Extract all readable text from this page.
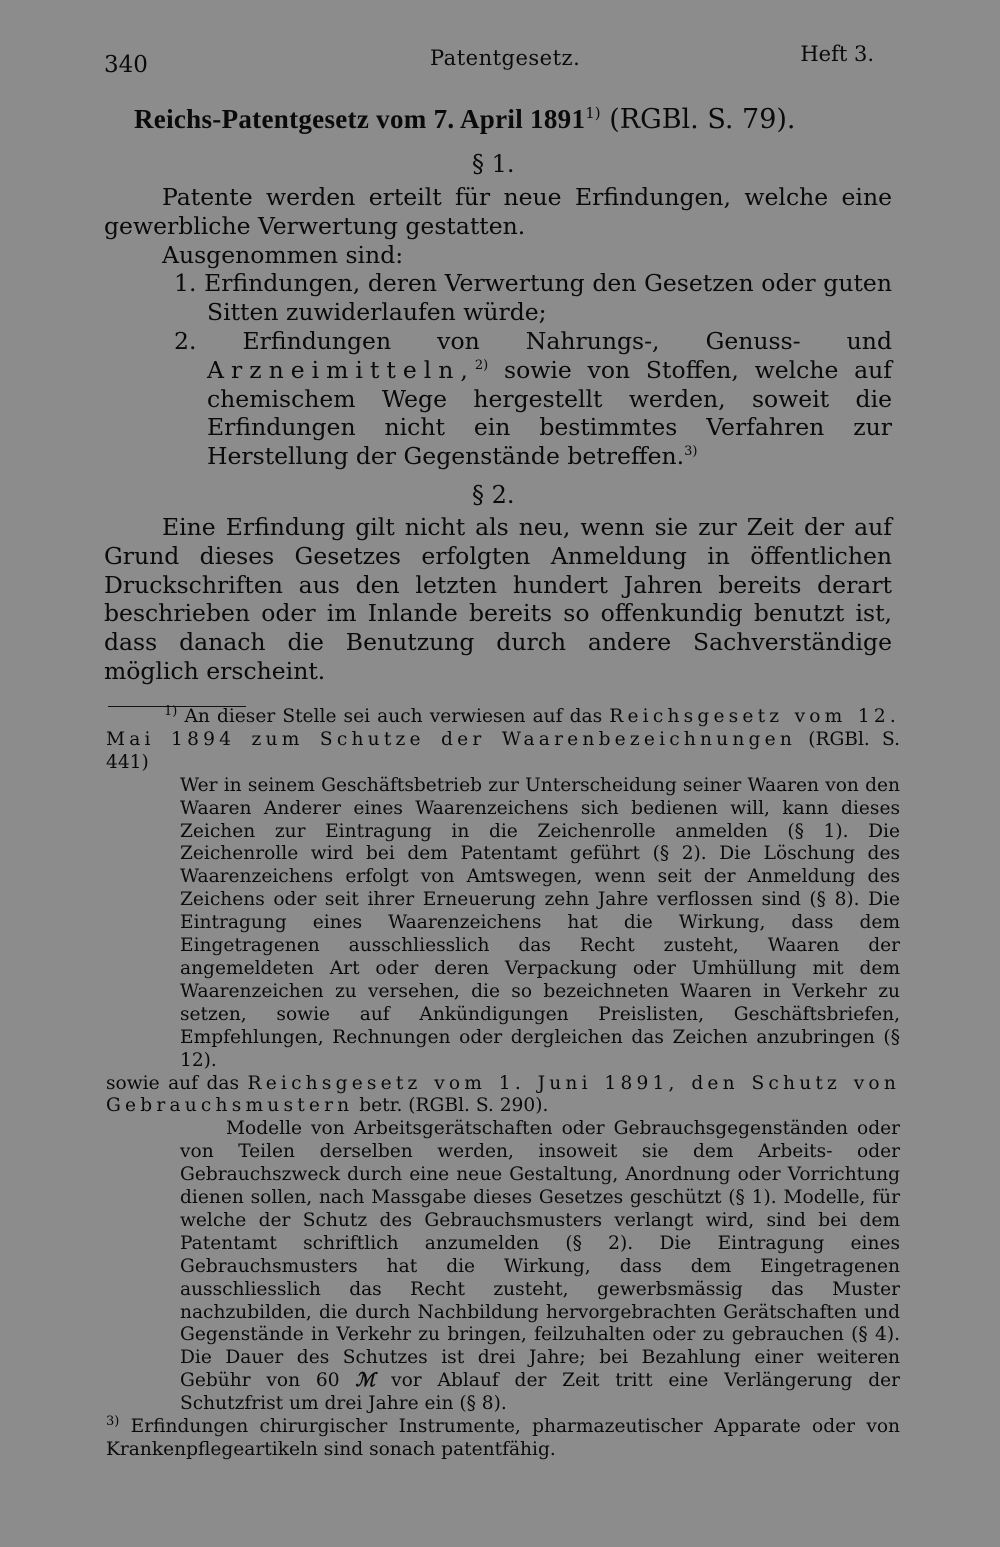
340	Patentgesetz.	Heft 3.
Reichs-Patentgesetz vom 7. April 1891$^{1)}$ (RGBl. S. 79).
§ 1.

Patente werden erteilt für neue Erfindungen, welche eine gewerbliche Verwertung gestatten.

Ausgenommen sind:

1. Erfindungen, deren Verwertung den Gesetzen oder guten Sitten zuwiderlaufen würde;

2. Erfindungen von Nahrungs-, Genuss- und Arzneimitteln,$^{2)}$ sowie von Stoffen, welche auf chemischem Wege hergestellt werden, soweit die Erfindungen nicht ein bestimmtes Verfahren zur Herstellung der Gegenstände betreffen.$^{3)}$

§ 2.

Eine Erfindung gilt nicht als neu, wenn sie zur Zeit der auf Grund dieses Gesetzes erfolgten Anmeldung in öffentlichen Druckschriften aus den letzten hundert Jahren bereits derart beschrieben oder im Inlande bereits so offenkundig benutzt ist, dass danach die Benutzung durch andere Sachverständige möglich erscheint.

$^{1)}$ An dieser Stelle sei auch verwiesen auf das Reichsgesetz vom 12. Mai 1894 zum Schutze der Waarenbezeichnungen (RGBl. S. 441)

Wer in seinem Geschäftsbetrieb zur Unterscheidung seiner Waaren von den Waaren Anderer eines Waarenzeichens sich bedienen will, kann dieses Zeichen zur Eintragung in die Zeichenrolle anmelden (§ 1). Die Zeichenrolle wird bei dem Patentamt geführt (§ 2). Die Löschung des Waarenzeichens erfolgt von Amtswegen, wenn seit der Anmeldung des Zeichens oder seit ihrer Erneuerung zehn Jahre verflossen sind (§ 8). Die Eintragung eines Waarenzeichens hat die Wirkung, dass dem Eingetragenen ausschliesslich das Recht zusteht, Waaren der angemeldeten Art oder deren Verpackung oder Umhüllung mit dem Waarenzeichen zu versehen, die so bezeichneten Waaren in Verkehr zu setzen, sowie auf Ankündigungen Preislisten, Geschäftsbriefen, Empfehlungen, Rechnungen oder dergleichen das Zeichen anzubringen (§ 12).

sowie auf das Reichsgesetz vom 1. Juni 1891, den Schutz von Gebrauchsmustern betr. (RGBl. S. 290).

Modelle von Arbeitsgerätschaften oder Gebrauchsgegenständen oder von Teilen derselben werden, insoweit sie dem Arbeits- oder Gebrauchszweck durch eine neue Gestaltung, Anordnung oder Vorrichtung dienen sollen, nach Massgabe dieses Gesetzes geschützt (§ 1). Modelle, für welche der Schutz des Gebrauchsmusters verlangt wird, sind bei dem Patentamt schriftlich anzumelden (§ 2). Die Eintragung eines Gebrauchsmusters hat die Wirkung, dass dem Eingetragenen ausschliesslich das Recht zusteht, gewerbsmässig das Muster nachzubilden, die durch Nachbildung hervorgebrachten Gerätschaften und Gegenstände in Verkehr zu bringen, feilzuhalten oder zu gebrauchen (§ 4). Die Dauer des Schutzes ist drei Jahre; bei Bezahlung einer weiteren Gebühr von 60 ℳ vor Ablauf der Zeit tritt eine Verlängerung der Schutzfrist um drei Jahre ein (§ 8).

$^{3)}$ Erfindungen chirurgischer Instrumente, pharmazeutischer Apparate oder von Krankenpflegeartikeln sind sonach patentfähig.
